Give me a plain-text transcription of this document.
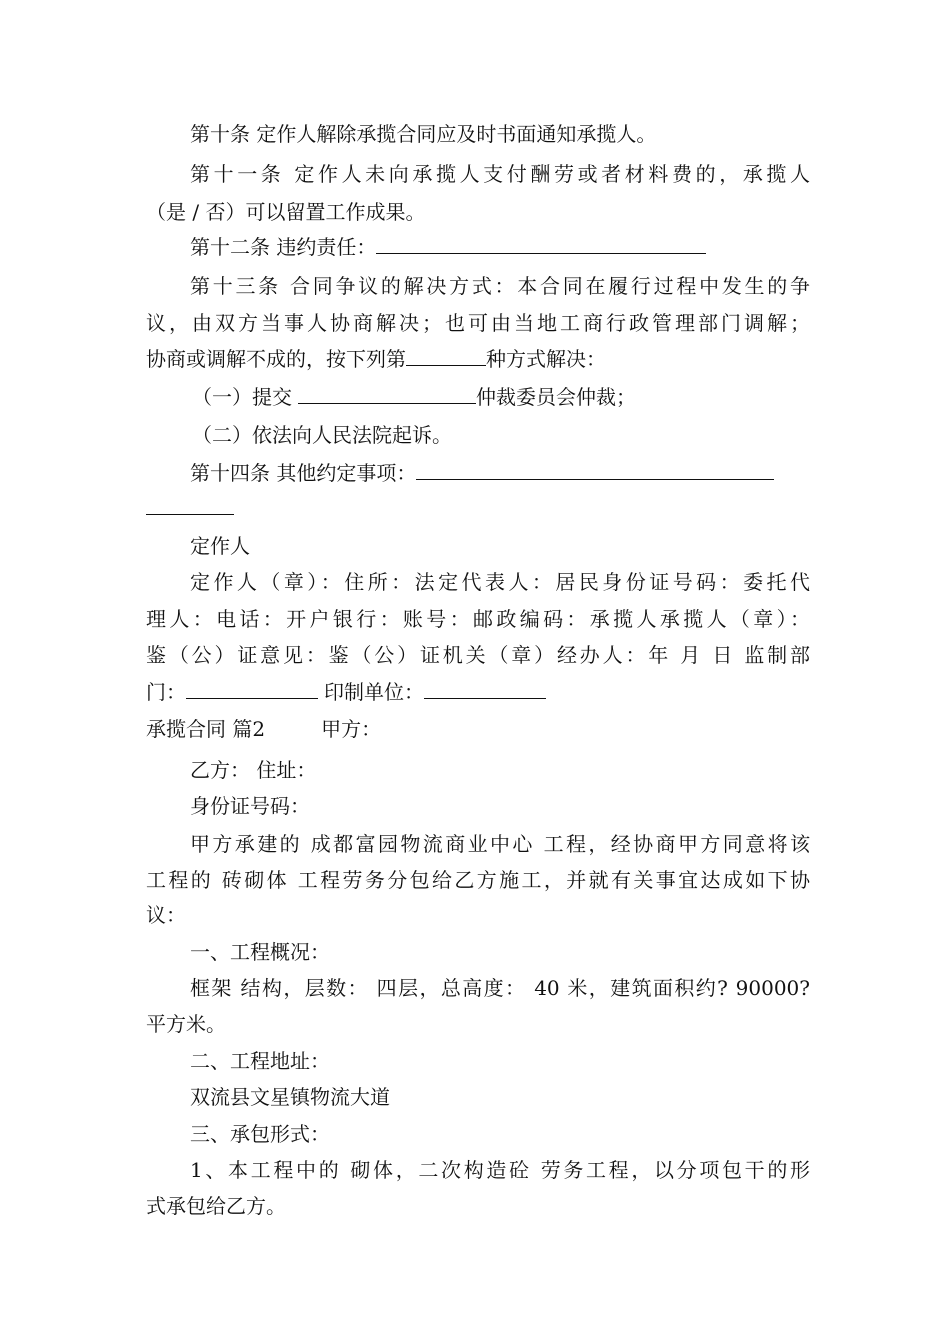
第十条 定作人解除承揽合同应及时书面通知承揽人。
第十一条 定作人未向承揽人支付酬劳或者材料费的，承揽人
（是 / 否）可以留置工作成果。
第十二条 违约责任：
第十三条 合同争议的解决方式：本合同在履行过程中发生的争
议，由双方当事人协商解决；也可由当地工商行政管理部门调解；
协商或调解不成的，按下列第	种方式解决：
（一）提交	仲裁委员会仲裁；
（二）依法向人民法院起诉。
第十四条 其他约定事项：
定作人
定作人（章）：住所：法定代表人：居民身份证号码：委托代
理人：电话：开户银行：账号：邮政编码：承揽人承揽人（章）：
鉴（公）证意见：鉴（公）证机关（章）经办人：年 月 日 监制部
门：	印制单位：
承揽合同 篇2	甲方：
乙方： 住址：
身份证号码：
甲方承建的 成都富园物流商业中心 工程，经协商甲方同意将该
工程的 砖砌体 工程劳务分包给乙方施工，并就有关事宜达成如下协
议：
一、工程概况：
框架 结构，层数： 四层，总高度： 40 米，建筑面积约? 90000?
平方米。
二、工程地址：
双流县文星镇物流大道
三、承包形式：
1、本工程中的 砌体，二次构造砼 劳务工程，以分项包干的形
式承包给乙方。
